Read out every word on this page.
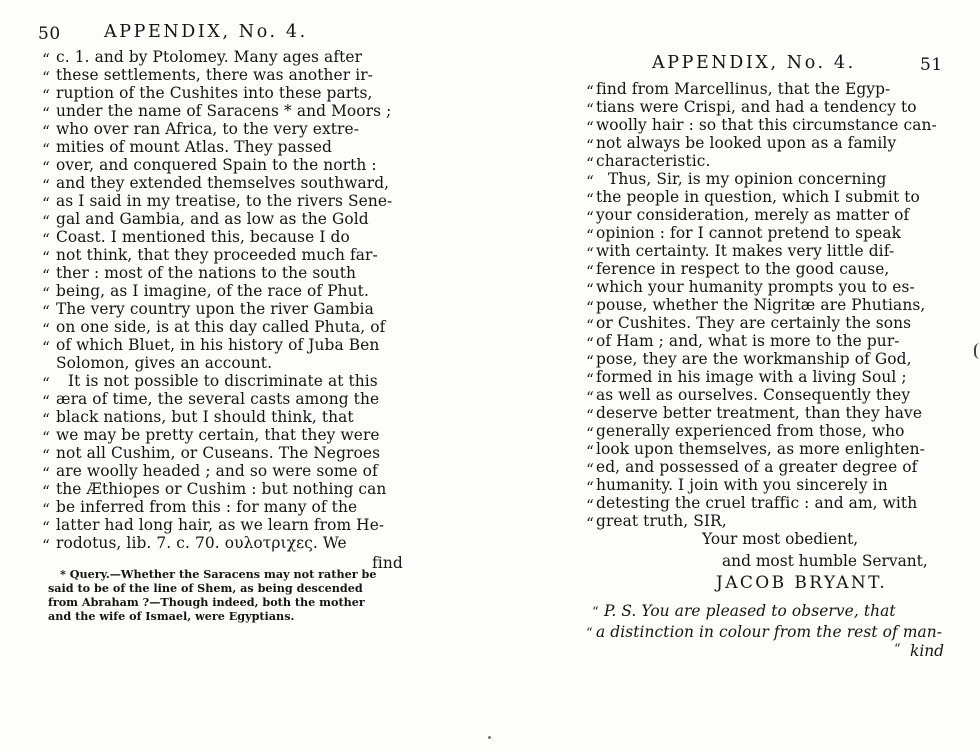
50 APPENDIX, No. 4.
“
“
“
“
“
“
“
“
“
“
“
“
“
“
“
“
“
“
“
“
“
“
“
“
“
“
“
c. 1. and by Ptolomey. Many ages after
these settlements, there was another ir-
ruption of the Cushites into these parts,
under the name of Saracens * and Moors ;
who over ran Africa, to the very extre-
mities of mount Atlas. They passed
over, and conquered Spain to the north :
and they extended themselves southward,
as I said in my treatise, to the rivers Sene-
gal and Gambia, and as low as the Gold
Coast. I mentioned this, because I do
not think, that they proceeded much far-
ther : most of the nations to the south
being, as I imagine, of the race of Phut.
The very country upon the river Gambia
on one side, is at this day called Phuta, of
of which Bluet, in his history of Juba Ben
Solomon, gives an account.
It is not possible to discriminate at this
æra of time, the several casts among the
black nations, but I should think, that
we may be pretty certain, that they were
not all Cushim, or Cuseans. The Negroes
are woolly headed ; and so were some of
the Æthiopes or Cushim : but nothing can
be inferred from this : for many of the
latter had long hair, as we learn from He-
rodotus, lib. 7. c. 70. ουλοτριχες. We
find
* Query.—Whether the Saracens may not rather be
said to be of the line of Shem, as being descended
from Abraham ?—Though indeed, both the mother
and the wife of Ismael, were Egyptians.

APPENDIX, No. 4.	51
“
“
“
“
“
“
“
“
“
“
“
“
“
“
“
“
“
“
“
“
“
“
“
“
“
find from Marcellinus, that the Egyp-
tians were Crispi, and had a tendency to
woolly hair : so that this circumstance can-
not always be looked upon as a family
characteristic.
Thus, Sir, is my opinion concerning
the people in question, which I submit to
your consideration, merely as matter of
opinion : for I cannot pretend to speak
with certainty. It makes very little dif-
ference in respect to the good cause,
which your humanity prompts you to es-
pouse, whether the Nigritæ are Phutians,
or Cushites. They are certainly the sons
of Ham ; and, what is more to the pur-
pose, they are the workmanship of God,
formed in his image with a living Soul ;
as well as ourselves. Consequently they
deserve better treatment, than they have
generally experienced from those, who
look upon themselves, as more enlighten-
ed, and possessed of a greater degree of
humanity. I join with you sincerely in
detesting the cruel traffic : and am, with
great truth, SIR,
Your most obedient,
and most humble Servant,
JACOB BRYANT.
“
“
P. S. You are pleased to observe, that
a distinction in colour from the rest of man-
“ kind
